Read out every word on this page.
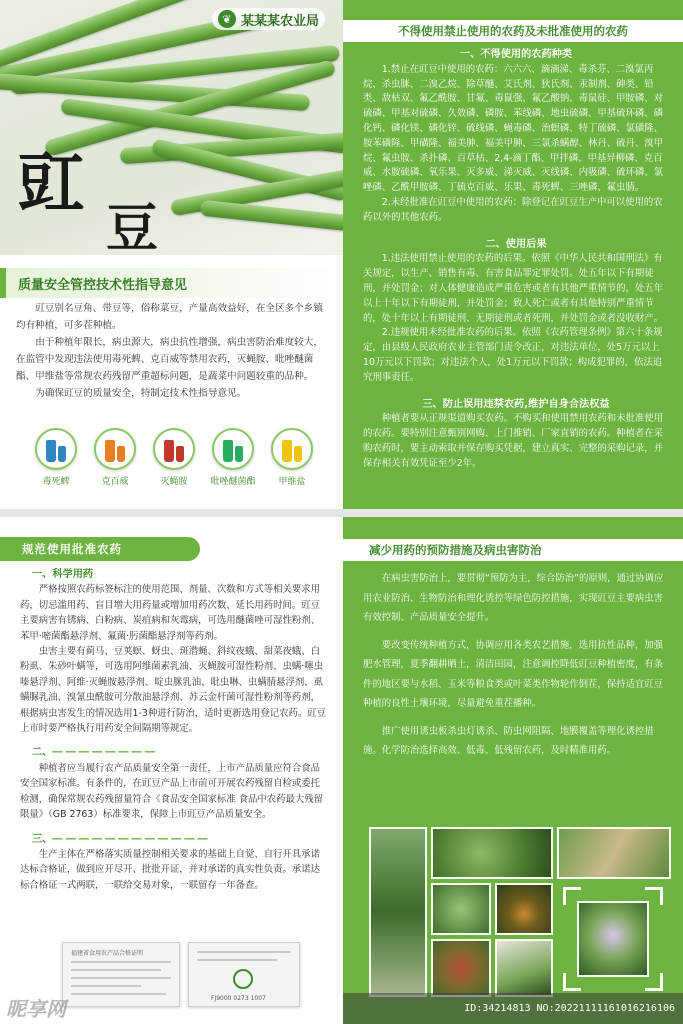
❦ 某某某农业局
豇
豆
质量安全管控技术性指导意见

豇豆别名豆角、带豆等，俗称菜豆，产量高效益好，在全区多个乡镇均有种植，可多茬种植。

由于种植年限长，病虫源大，病虫抗性增强，病虫害防治难度较大，在监管中发现违法使用毒死蜱、克百威等禁用农药，灭蝇胺、吡唑醚菌酯、甲维盐等常规农药残留严重超标问题，是蔬菜中问题较重的品种。

为确保豇豆的质量安全，特制定技术性指导意见。

毒死蜱	克百威	灭蝇胺	吡唑醚菌酯	甲维盐
不得使用禁止使用的农药及未批准使用的农药
一、不得使用的农药种类

1.禁止在豇豆中使用的农药：六六六、滴滴涕、毒杀芬、二溴氯丙烷、杀虫脒、二溴乙烷、除草醚、艾氏剂、狄氏剂、汞制剂、砷类、铅类、敌枯双、氟乙酰胺、甘氟、毒鼠强、氟乙酸钠、毒鼠硅、甲胺磷、对硫磷、甲基对硫磷、久效磷、磷胺、苯线磷、地虫硫磷、甲基硫环磷、磷化钙、磷化镁、磷化锌、硫线磷、蝇毒磷、治螟磷、特丁硫磷、氯磺隆、胺苯磺隆、甲磺隆、福美胂、福美甲胂、三氯杀螨醇、林丹、硫丹、溴甲烷、氟虫胺、杀扑磷、百草枯、2,4-滴丁酯、甲拌磷、甲基异柳磷、克百威、水胺硫磷、氧乐果、灭多威、涕灭威、灭线磷、内吸磷、硫环磷、氯唑磷、乙酰甲胺磷、丁硫克百威、乐果、毒死蜱、三唑磷、氟虫腈。

2.未经批准在豇豆中使用的农药：除登记在豇豆生产中可以使用的农药以外的其他农药。

二、使用后果

1.违法使用禁止使用的农药的后果。依照《中华人民共和国刑法》有关规定，以生产、销售有毒、有害食品罪定罪处罚。处五年以下有期徒刑，并处罚金；对人体健康造成严重危害或者有其他严重情节的，处五年以上十年以下有期徒刑，并处罚金；致人死亡或者有其他特别严重情节的，处十年以上有期徒刑、无期徒刑或者死刑，并处罚金或者没收财产。

2.违规使用未经批准农药的后果。依照《农药管理条例》第六十条规定，由县级人民政府农业主管部门责令改正，对违法单位，处5万元以上10万元以下罚款；对违法个人，处1万元以下罚款；构成犯罪的，依法追究刑事责任。

三、防止误用违禁农药,维护自身合法权益

种植者要从正规渠道购买农药。不购买和使用禁用农药和未批准使用的农药。要特别注意甄别网购、上门推销、厂家直销的农药。种植者在采购农药时，要主动索取并保存购买凭据，建立真实、完整的采购记录，并保存相关有效凭证至少2年。

规范使用批准农药
一、科学用药

严格按照农药标签标注的使用范围、剂量、次数和方式等相关要求用药，切忌滥用药、盲目增大用药量或增加用药次数、延长用药时间。豇豆主要病害有锈病、白粉病、炭疽病和灰霉病，可选用醚菌唑可湿性粉剂、苯甲·嘧菌酯悬浮剂、氟菌·肟菌酯悬浮剂等药剂。

虫害主要有蓟马、豆荚螟、蚜虫、斑潜蝇、斜纹夜蛾、甜菜夜蛾、白粉虱、朱砂叶螨等，可选用阿维菌素乳油、灭蝇胺可湿性粉剂、虫螨·噻虫嗪悬浮剂、阿维·灭蝇胺悬浮剂、啶虫脒乳油、吡虫啉、虫螨腈悬浮剂、虱螨脲乳油、溴氰虫酰胺可分散油悬浮剂、苏云金杆菌可湿性粉剂等药剂，根据病虫害发生的情况选用1-3种进行防治，适时更新选用登记农药。豇豆上市时要严格执行用药安全间隔期等规定。

二、――――――――

种植者应当履行农产品质量安全第一责任，上市产品质量应符合食品安全国家标准。有条件的，在豇豆产品上市前可开展农药残留自检或委托检测，确保常规农药残留量符合《食品安全国家标准 食品中农药最大残留限量》（GB 2763）标准要求，保障上市豇豆产品质量安全。

三、――――――――――――

生产主体在严格落实质量控制相关要求的基础上自觉、自行开具承诺达标合格证，做到应开尽开、批批开证，并对承诺的真实性负责。承诺达标合格证一式两联，一联给交易对象，一联留存一年备查。

福建省食用农产品合格证明
FJ9000 0273 1007
减少用药的预防措施及病虫害防治

在病虫害防治上，要贯彻“预防为主，综合防治”的原则，通过协调应用农业防治、生物防治和理化诱控等绿色防控措施，实现豇豆主要病虫害有效控制、产品质量安全提升。

要改变传统种植方式，协调应用各类农艺措施，选用抗性品种，加强肥水管理，夏季翻耕晒土，清洁田园，注意调控降低豇豆种植密度，有条件的地区要与水稻、玉米等粮食类或叶菜类作物轮作倒茬，保持适宜豇豆种植的良性土壤环境，尽量避免重茬播种。

推广使用诱虫板杀虫灯诱杀、防虫网阻隔、地膜覆盖等理化诱控措施。化学防治选择高效、低毒、低残留农药，及时精准用药。

ID:34214813 NO:20221111161016216106
昵享网
